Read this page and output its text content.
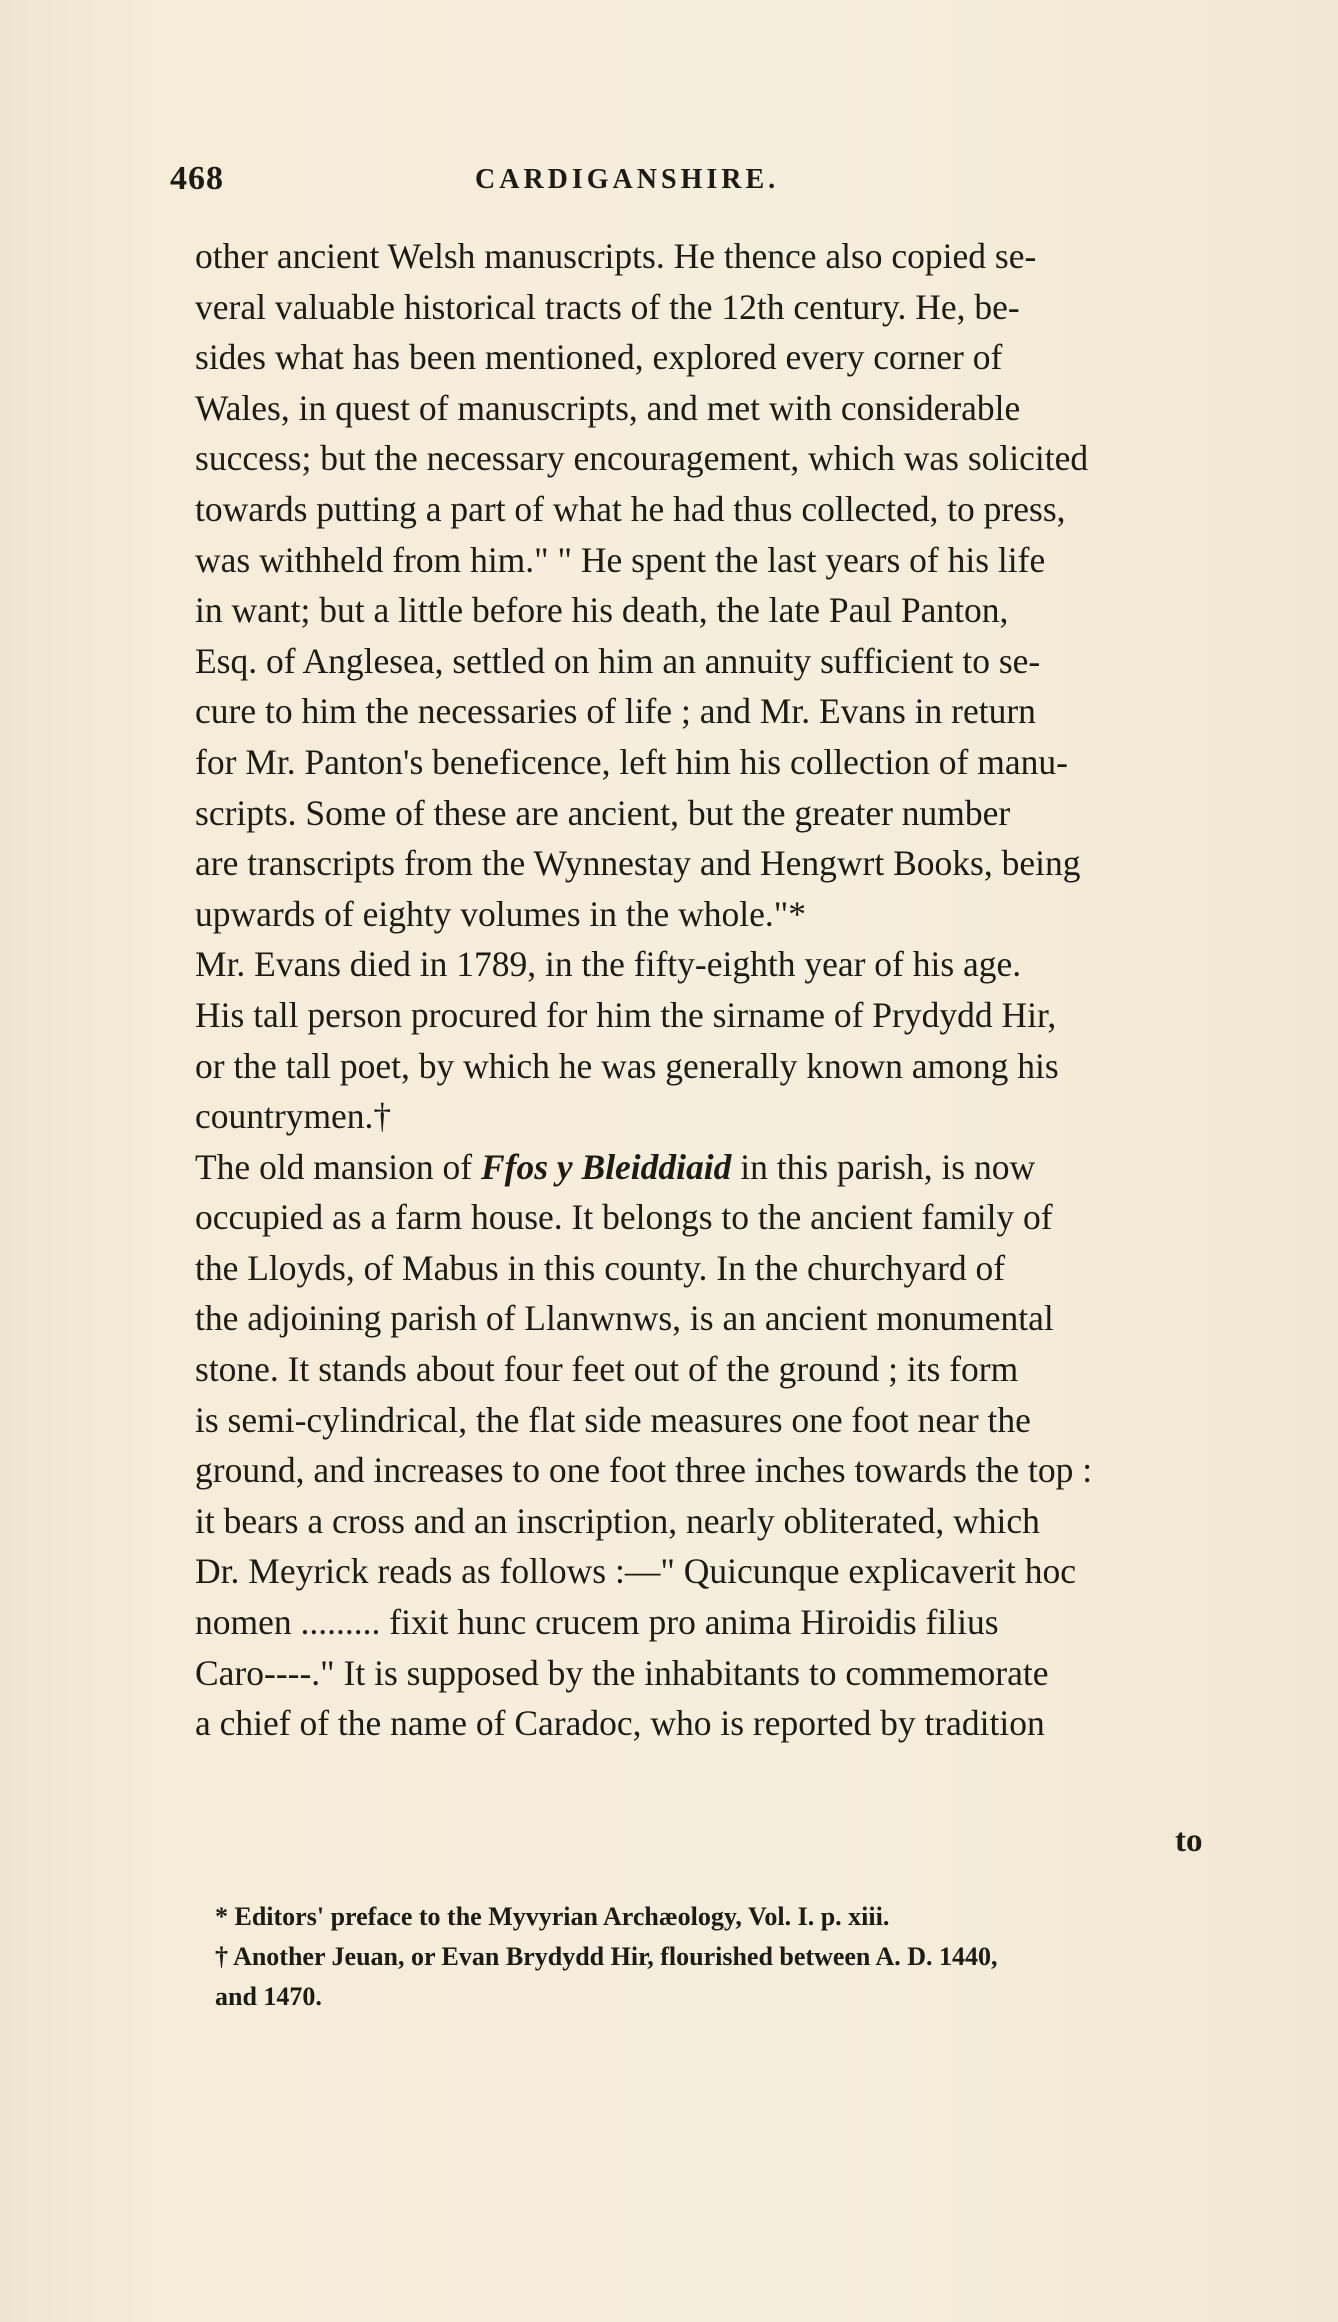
468	CARDIGANSHIRE.

other ancient Welsh manuscripts. He thence also copied se-

veral valuable historical tracts of the 12th century. He, be-

sides what has been mentioned, explored every corner of

Wales, in quest of manuscripts, and met with considerable

success; but the necessary encouragement, which was solicited

towards putting a part of what he had thus collected, to press,

was withheld from him." " He spent the last years of his life

in want; but a little before his death, the late Paul Panton,

Esq. of Anglesea, settled on him an annuity sufficient to se-

cure to him the necessaries of life ; and Mr. Evans in return

for Mr. Panton's beneficence, left him his collection of manu-

scripts. Some of these are ancient, but the greater number

are transcripts from the Wynnestay and Hengwrt Books, being

upwards of eighty volumes in the whole."*

Mr. Evans died in 1789, in the fifty-eighth year of his age.

His tall person procured for him the sirname of Prydydd Hir,

or the tall poet, by which he was generally known among his

countrymen.†

The old mansion of Ffos y Bleiddiaid in this parish, is now

occupied as a farm house. It belongs to the ancient family of

the Lloyds, of Mabus in this county. In the churchyard of

the adjoining parish of Llanwnws, is an ancient monumental

stone. It stands about four feet out of the ground ; its form

is semi-cylindrical, the flat side measures one foot near the

ground, and increases to one foot three inches towards the top :

it bears a cross and an inscription, nearly obliterated, which

Dr. Meyrick reads as follows :—" Quicunque explicaverit hoc

nomen ......... fixit hunc crucem pro anima Hiroidis filius

Caro----." It is supposed by the inhabitants to commemorate

a chief of the name of Caradoc, who is reported by tradition

to

* Editors' preface to the Myvyrian Archæology, Vol. I. p. xiii.

† Another Jeuan, or Evan Brydydd Hir, flourished between A. D. 1440,

and 1470.
